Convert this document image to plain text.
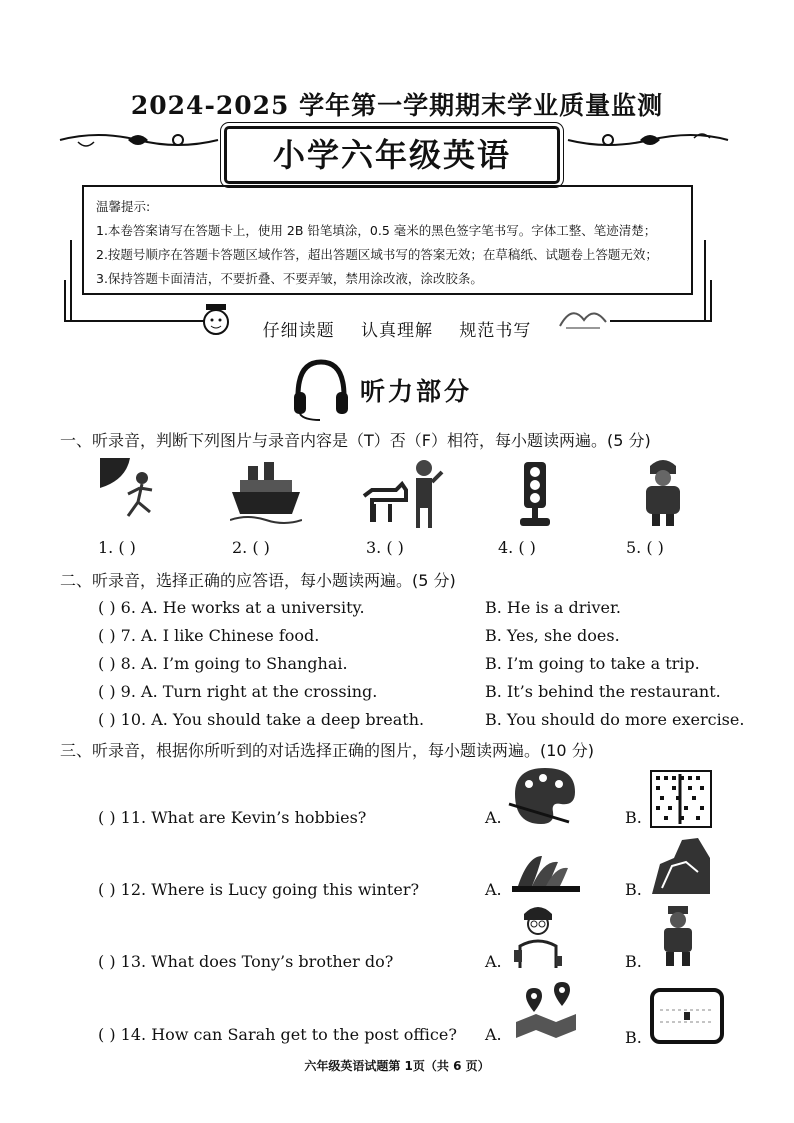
2024-2025 学年第一学期期末学业质量监测
小学六年级英语
温馨提示:
1.本卷答案请写在答题卡上，使用 2B 铅笔填涂，0.5 毫米的黑色签字笔书写。字体工整、笔迹清楚；
2.按题号顺序在答题卡答题区域作答，超出答题区域书写的答案无效；在草稿纸、试题卷上答题无效；
3.保持答题卡面清洁，不要折叠、不要弄皱，禁用涂改液，涂改胶条。
仔细读题 认真理解 规范书写
听力部分
一、听录音，判断下列图片与录音内容是（T）否（F）相符，每小题读两遍。(5 分)
1. ( )	2. ( )	3. ( )	4. ( )	5. ( )
二、听录音，选择正确的应答语，每小题读两遍。(5 分)
( ) 6. A. He works at a university.	B. He is a driver.
( ) 7. A. I like Chinese food.	B. Yes, she does.
( ) 8. A. I’m going to Shanghai.	B. I’m going to take a trip.
( ) 9. A. Turn right at the crossing.	B. It’s behind the restaurant.
( ) 10. A. You should take a deep breath.	B. You should do more exercise.
三、听录音，根据你所听到的对话选择正确的图片，每小题读两遍。(10 分)
( ) 11. What are Kevin’s hobbies?	A.	B.
( ) 12. Where is Lucy going this winter?	A.	B.
( ) 13. What does Tony’s brother do?	A.	B.
( ) 14. How can Sarah get to the post office? A.	B.
六年级英语试题第 1页（共 6 页）
